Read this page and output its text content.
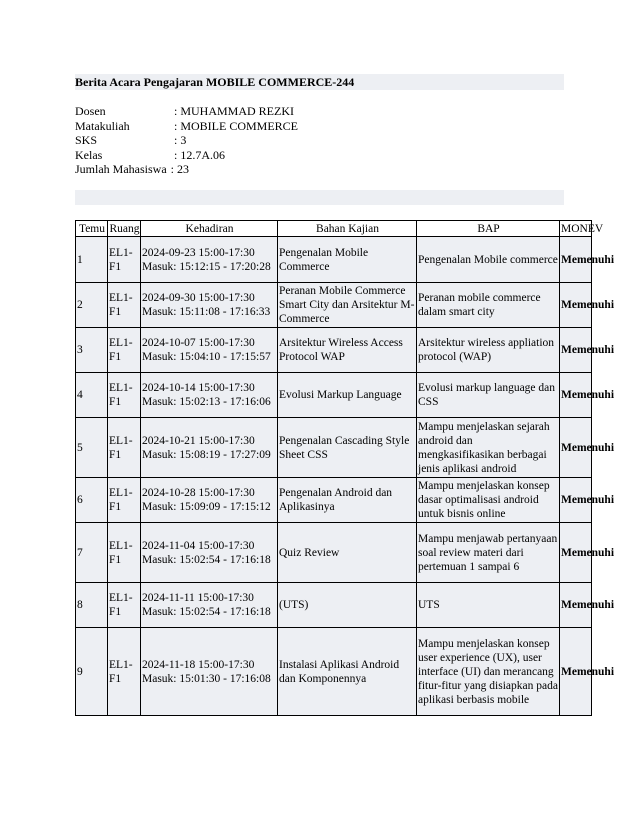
Berita Acara Pengajaran MOBILE COMMERCE-244
Dosen	: MUHAMMAD REZKI
Matakuliah	: MOBILE COMMERCE
SKS	: 3
Kelas	: 12.7A.06
Jumlah Mahasiswa : 23
Temu	Ruang	Kehadiran	Bahan Kajian	BAP	MONEV
1	EL1-F1	2024-09-23 15:00-17:30 Masuk: 15:12:15 - 17:20:28	Pengenalan Mobile Commerce	Pengenalan Mobile commerce	Memenuhi
2	EL1-F1	2024-09-30 15:00-17:30 Masuk: 15:11:08 - 17:16:33	Peranan Mobile Commerce Smart City dan Arsitektur M-Commerce	Peranan mobile commerce dalam smart city	Memenuhi
3	EL1-F1	2024-10-07 15:00-17:30 Masuk: 15:04:10 - 17:15:57	Arsitektur Wireless Access Protocol WAP	Arsitektur wireless appliation protocol (WAP)	Memenuhi
4	EL1-F1	2024-10-14 15:00-17:30 Masuk: 15:02:13 - 17:16:06	Evolusi Markup Language	Evolusi markup language dan CSS	Memenuhi
5	EL1-F1	2024-10-21 15:00-17:30 Masuk: 15:08:19 - 17:27:09	Pengenalan Cascading Style Sheet CSS	Mampu menjelaskan sejarah android dan mengkasifikasikan berbagai jenis aplikasi android	Memenuhi
6	EL1-F1	2024-10-28 15:00-17:30 Masuk: 15:09:09 - 17:15:12	Pengenalan Android dan Aplikasinya	Mampu menjelaskan konsep dasar optimalisasi android untuk bisnis online	Memenuhi
7	EL1-F1	2024-11-04 15:00-17:30 Masuk: 15:02:54 - 17:16:18	Quiz Review	Mampu menjawab pertanyaan soal review materi dari pertemuan 1 sampai 6	Memenuhi
8	EL1-F1	2024-11-11 15:00-17:30 Masuk: 15:02:54 - 17:16:18	(UTS)	UTS	Memenuhi
9	EL1-F1	2024-11-18 15:00-17:30 Masuk: 15:01:30 - 17:16:08	Instalasi Aplikasi Android dan Komponennya	Mampu menjelaskan konsep user experience (UX), user interface (UI) dan merancang fitur-fitur yang disiapkan pada aplikasi berbasis mobile	Memenuhi
